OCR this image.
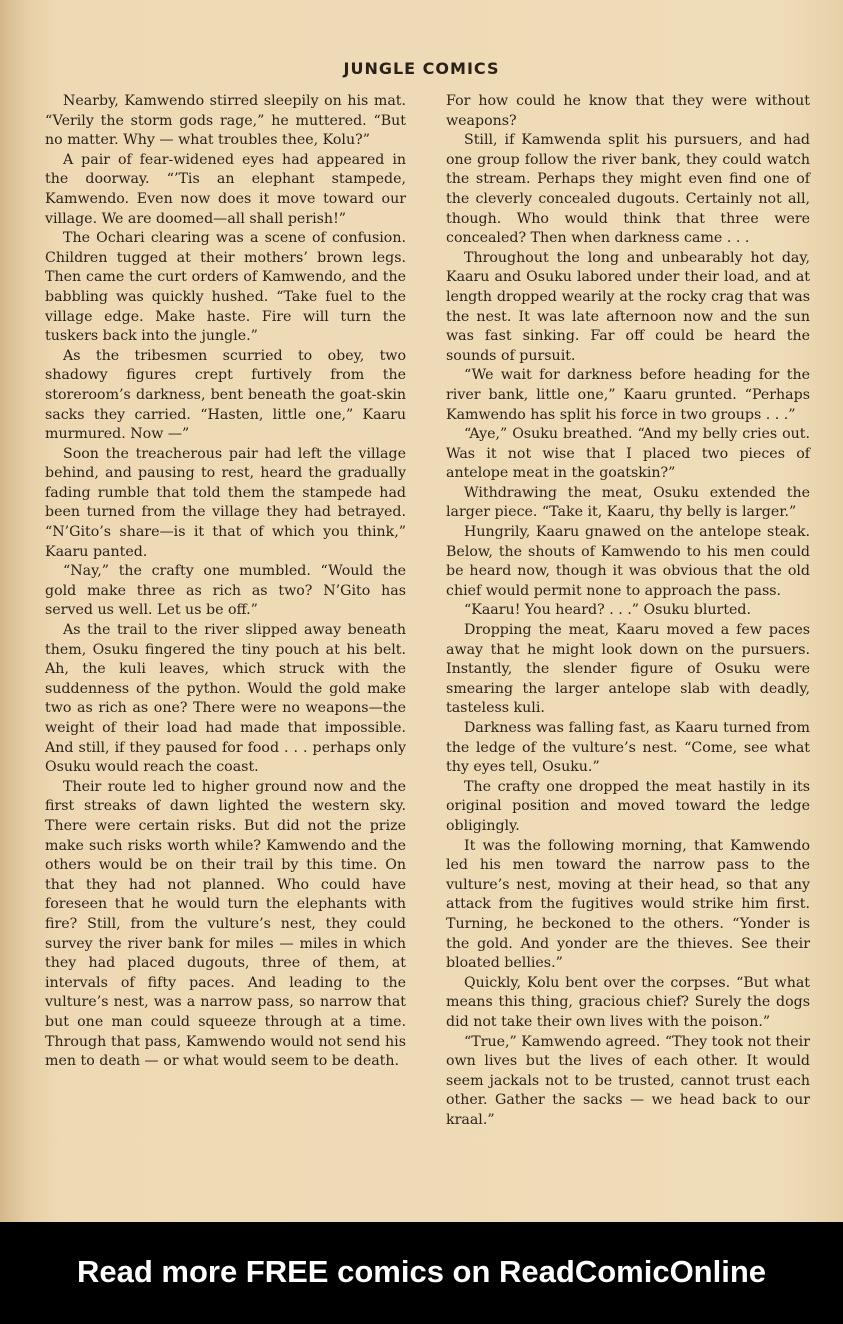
JUNGLE COMICS

Nearby, Kamwendo stirred sleepily on his mat. “Verily the storm gods rage,” he muttered. “But no matter. Why — what troubles thee, Kolu?”

A pair of fear-widened eyes had appeared in the doorway. “’Tis an elephant stampede, Kamwendo. Even now does it move toward our village. We are doomed—all shall perish!”

The Ochari clearing was a scene of confusion. Children tugged at their mothers’ brown legs. Then came the curt orders of Kamwendo, and the babbling was quickly hushed. “Take fuel to the village edge. Make haste. Fire will turn the tuskers back into the jungle.”

As the tribesmen scurried to obey, two shadowy figures crept furtively from the storeroom’s darkness, bent beneath the goat-skin sacks they carried. “Hasten, little one,” Kaaru murmured. Now —”

Soon the treacherous pair had left the village behind, and pausing to rest, heard the gradually fading rumble that told them the stampede had been turned from the village they had betrayed. “N’Gito’s share—is it that of which you think,” Kaaru panted.

“Nay,” the crafty one mumbled. “Would the gold make three as rich as two? N’Gito has served us well. Let us be off.”

As the trail to the river slipped away beneath them, Osuku fingered the tiny pouch at his belt. Ah, the kuli leaves, which struck with the suddenness of the python. Would the gold make two as rich as one? There were no weapons—the weight of their load had made that impossible. And still, if they paused for food . . . perhaps only Osuku would reach the coast.

Their route led to higher ground now and the first streaks of dawn lighted the western sky. There were certain risks. But did not the prize make such risks worth while? Kamwendo and the others would be on their trail by this time. On that they had not planned. Who could have foreseen that he would turn the elephants with fire? Still, from the vulture’s nest, they could survey the river bank for miles — miles in which they had placed dugouts, three of them, at intervals of fifty paces. And leading to the vulture’s nest, was a narrow pass, so narrow that but one man could squeeze through at a time. Through that pass, Kamwendo would not send his men to death — or what would seem to be death.

For how could he know that they were without weapons?

Still, if Kamwenda split his pursuers, and had one group follow the river bank, they could watch the stream. Perhaps they might even find one of the cleverly concealed dugouts. Certainly not all, though. Who would think that three were concealed? Then when darkness came . . .

Throughout the long and unbearably hot day, Kaaru and Osuku labored under their load, and at length dropped wearily at the rocky crag that was the nest. It was late afternoon now and the sun was fast sinking. Far off could be heard the sounds of pursuit.

“We wait for darkness before heading for the river bank, little one,” Kaaru grunted. “Perhaps Kamwendo has split his force in two groups . . .”

“Aye,” Osuku breathed. “And my belly cries out. Was it not wise that I placed two pieces of antelope meat in the goatskin?”

Withdrawing the meat, Osuku extended the larger piece. “Take it, Kaaru, thy belly is larger.”

Hungrily, Kaaru gnawed on the antelope steak. Below, the shouts of Kamwendo to his men could be heard now, though it was obvious that the old chief would permit none to approach the pass.

“Kaaru! You heard? . . .” Osuku blurted.

Dropping the meat, Kaaru moved a few paces away that he might look down on the pursuers. Instantly, the slender figure of Osuku were smearing the larger antelope slab with deadly, tasteless kuli.

Darkness was falling fast, as Kaaru turned from the ledge of the vulture’s nest. “Come, see what thy eyes tell, Osuku.”

The crafty one dropped the meat hastily in its original position and moved toward the ledge obligingly.

It was the following morning, that Kamwendo led his men toward the narrow pass to the vulture’s nest, moving at their head, so that any attack from the fugitives would strike him first. Turning, he beckoned to the others. “Yonder is the gold. And yonder are the thieves. See their bloated bellies.”

Quickly, Kolu bent over the corpses. “But what means this thing, gracious chief? Surely the dogs did not take their own lives with the poison.”

“True,” Kamwendo agreed. “They took not their own lives but the lives of each other. It would seem jackals not to be trusted, cannot trust each other. Gather the sacks — we head back to our kraal.”

Read more FREE comics on ReadComicOnline
